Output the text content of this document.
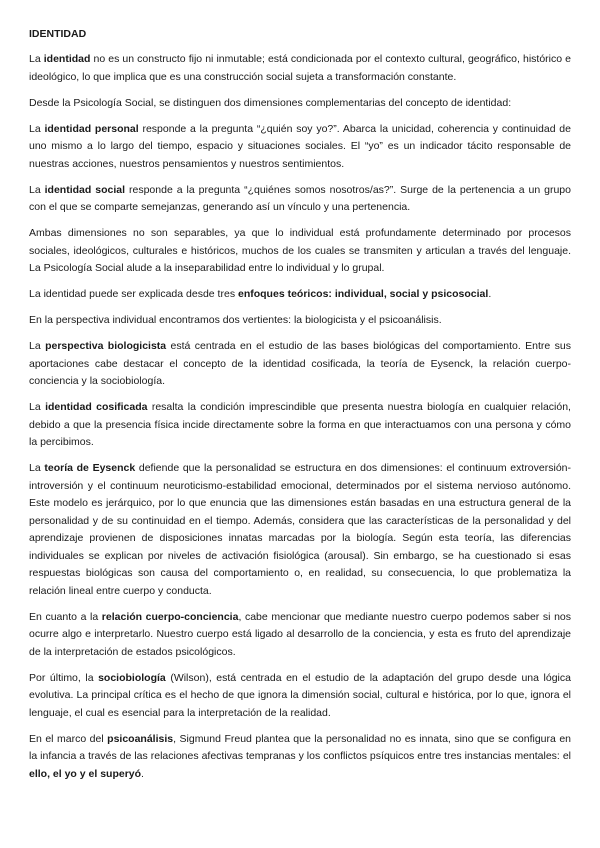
IDENTIDAD

La identidad no es un constructo fijo ni inmutable; está condicionada por el contexto cultural, geográfico, histórico e ideológico, lo que implica que es una construcción social sujeta a transformación constante.

Desde la Psicología Social, se distinguen dos dimensiones complementarias del concepto de identidad:

La identidad personal responde a la pregunta “¿quién soy yo?”. Abarca la unicidad, coherencia y continuidad de uno mismo a lo largo del tiempo, espacio y situaciones sociales. El “yo” es un indicador tácito responsable de nuestras acciones, nuestros pensamientos y nuestros sentimientos.

La identidad social responde a la pregunta “¿quiénes somos nosotros/as?”. Surge de la pertenencia a un grupo con el que se comparte semejanzas, generando así un vínculo y una pertenencia.

Ambas dimensiones no son separables, ya que lo individual está profundamente determinado por procesos sociales, ideológicos, culturales e históricos, muchos de los cuales se transmiten y articulan a través del lenguaje. La Psicología Social alude a la inseparabilidad entre lo individual y lo grupal.

La identidad puede ser explicada desde tres enfoques teóricos: individual, social y psicosocial.

En la perspectiva individual encontramos dos vertientes: la biologicista y el psicoanálisis.

La perspectiva biologicista está centrada en el estudio de las bases biológicas del comportamiento. Entre sus aportaciones cabe destacar el concepto de la identidad cosificada, la teoría de Eysenck, la relación cuerpo-conciencia y la sociobiología.

La identidad cosificada resalta la condición imprescindible que presenta nuestra biología en cualquier relación, debido a que la presencia física incide directamente sobre la forma en que interactuamos con una persona y cómo la percibimos.

La teoría de Eysenck defiende que la personalidad se estructura en dos dimensiones: el continuum extroversión-introversión y el continuum neuroticismo-estabilidad emocional, determinados por el sistema nervioso autónomo. Este modelo es jerárquico, por lo que enuncia que las dimensiones están basadas en una estructura general de la personalidad y de su continuidad en el tiempo. Además, considera que las características de la personalidad y del aprendizaje provienen de disposiciones innatas marcadas por la biología. Según esta teoría, las diferencias individuales se explican por niveles de activación fisiológica (arousal). Sin embargo, se ha cuestionado si esas respuestas biológicas son causa del comportamiento o, en realidad, su consecuencia, lo que problematiza la relación lineal entre cuerpo y conducta.

En cuanto a la relación cuerpo-conciencia, cabe mencionar que mediante nuestro cuerpo podemos saber si nos ocurre algo e interpretarlo. Nuestro cuerpo está ligado al desarrollo de la conciencia, y esta es fruto del aprendizaje de la interpretación de estados psicológicos.

Por último, la sociobiología (Wilson), está centrada en el estudio de la adaptación del grupo desde una lógica evolutiva. La principal crítica es el hecho de que ignora la dimensión social, cultural e histórica, por lo que, ignora el lenguaje, el cual es esencial para la interpretación de la realidad.

En el marco del psicoanálisis, Sigmund Freud plantea que la personalidad no es innata, sino que se configura en la infancia a través de las relaciones afectivas tempranas y los conflictos psíquicos entre tres instancias mentales: el ello, el yo y el superyó.
